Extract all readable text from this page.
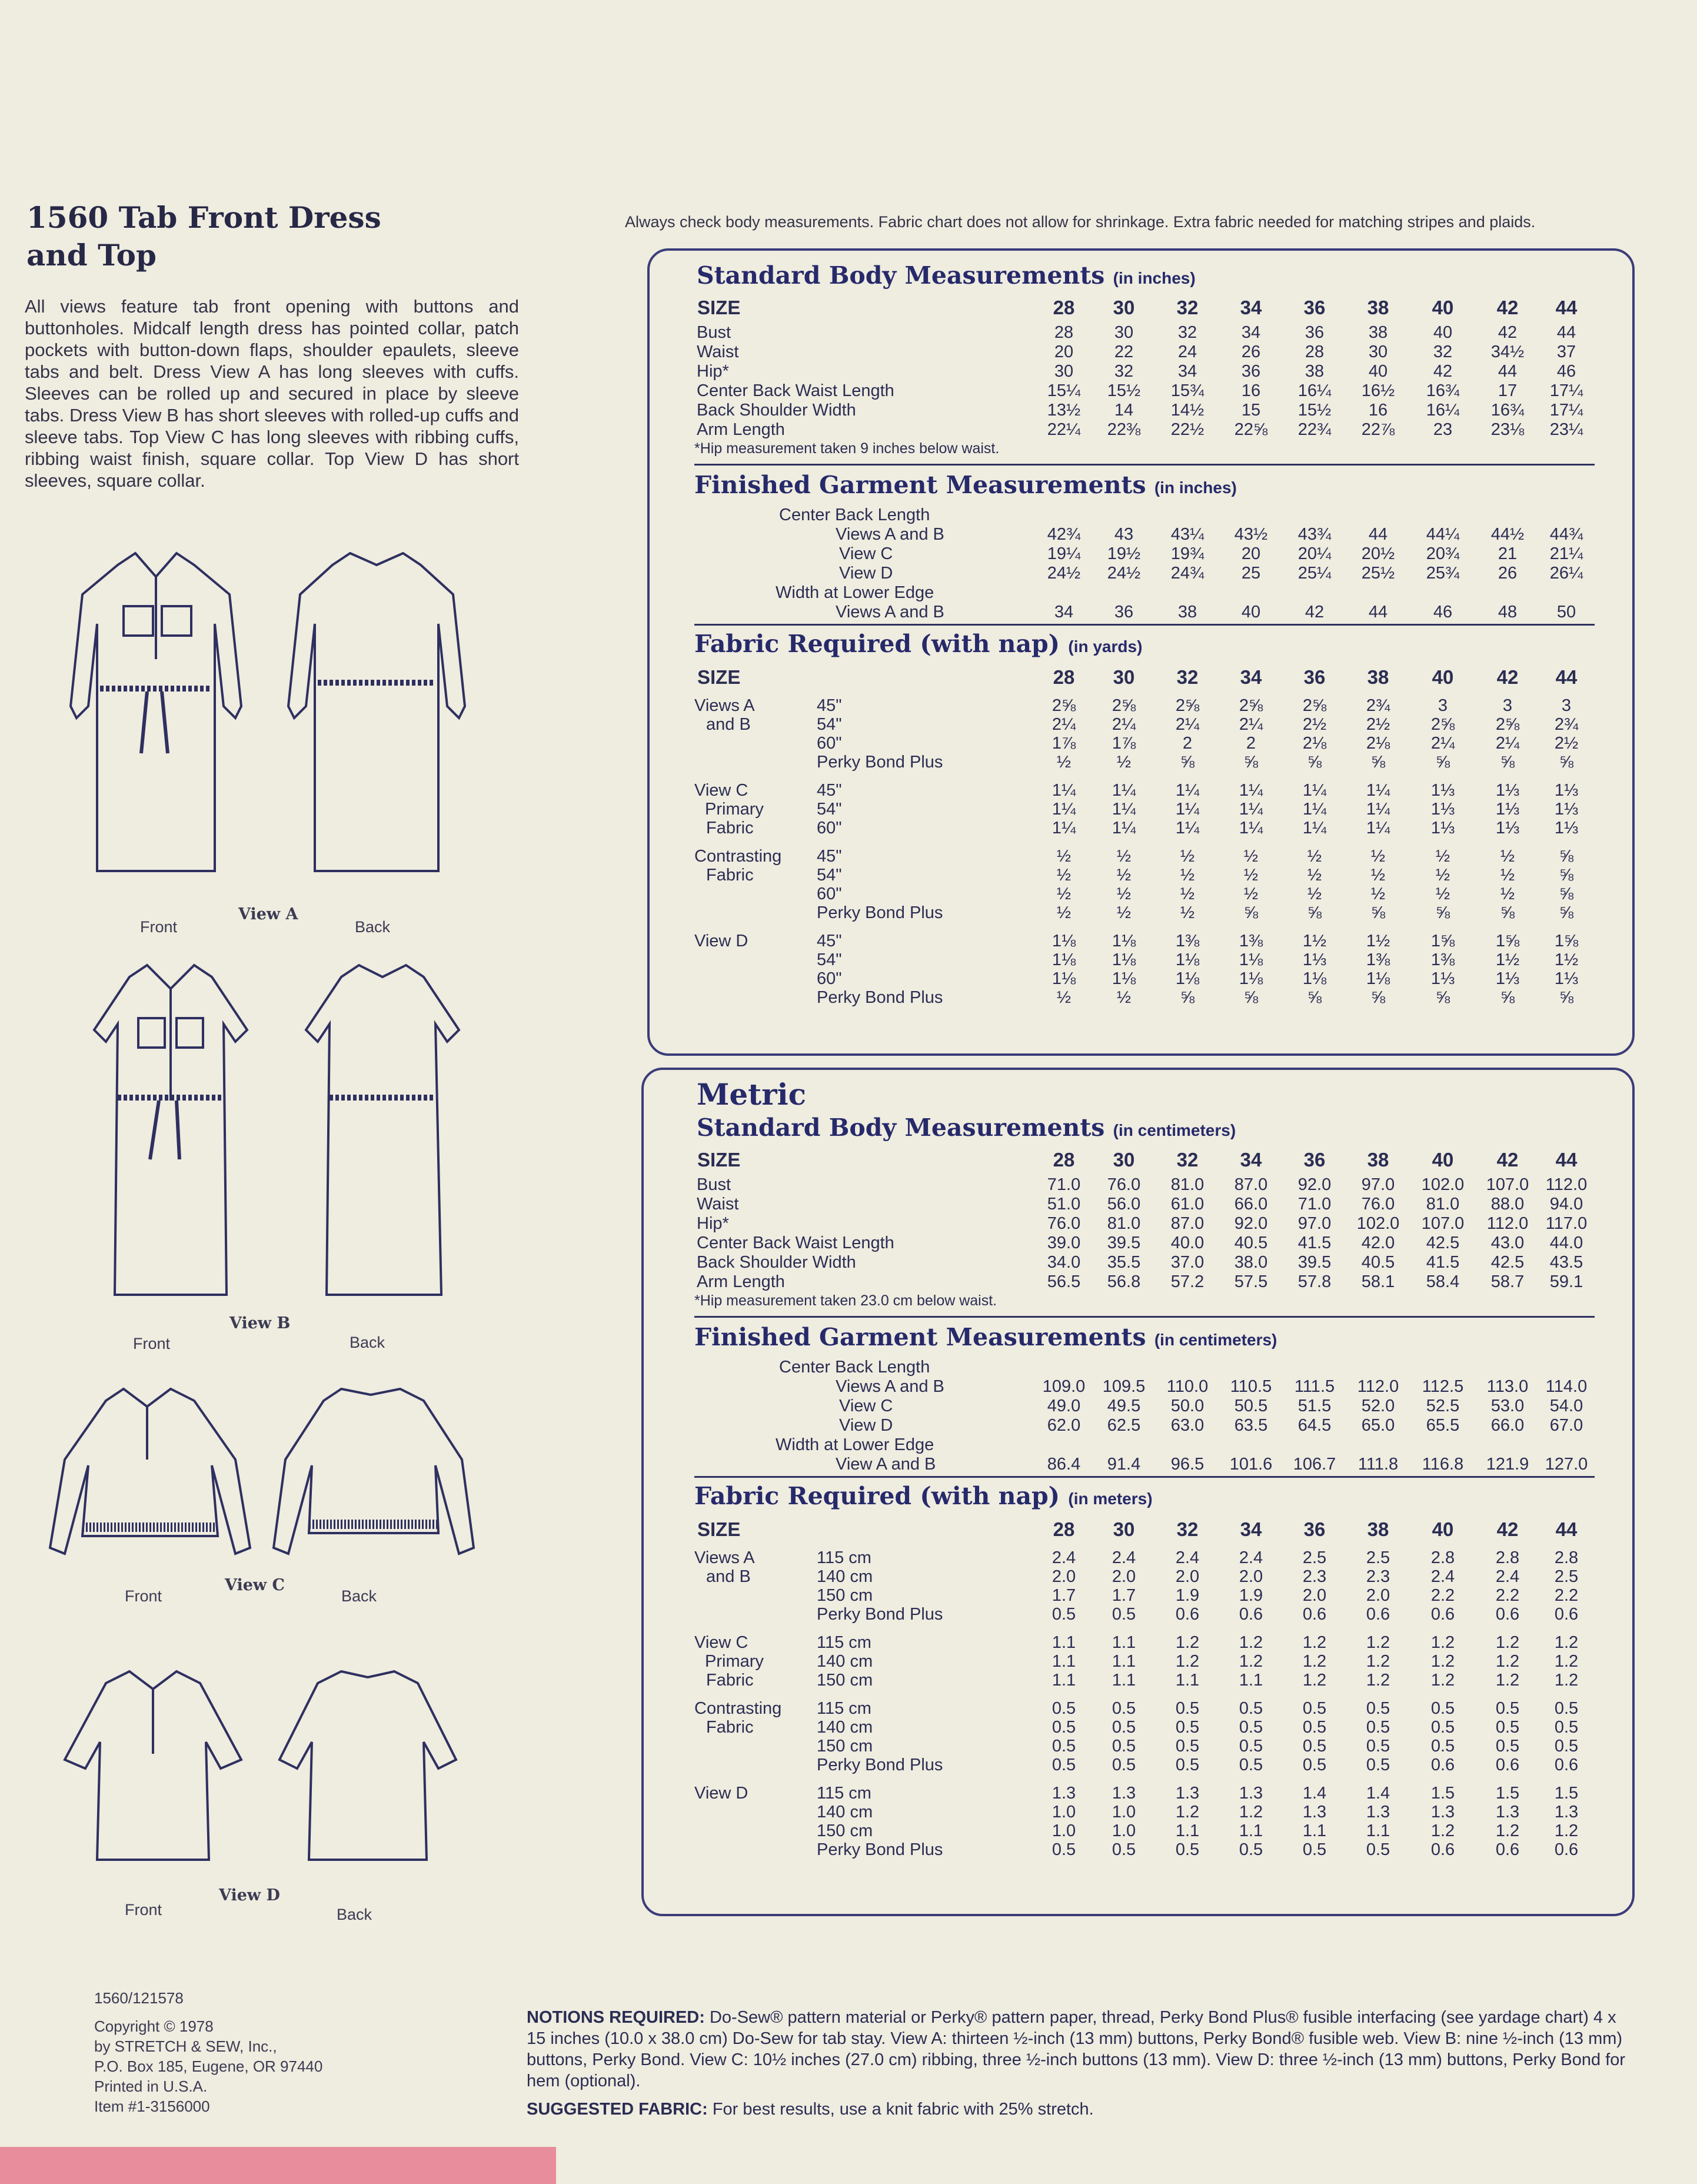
1560 Tab Front Dress
and Top
All views feature tab front opening with buttons and buttonholes. Midcalf length dress has pointed collar, patch pockets with button-down flaps, shoulder epaulets, sleeve tabs and belt. Dress View A has long sleeves with cuffs. Sleeves can be rolled up and secured in place by sleeve tabs. Dress View B has short sleeves with rolled-up cuffs and sleeve tabs. Top View C has long sleeves with ribbing cuffs, ribbing waist finish, square collar. Top View D has short sleeves, square collar.
Front
View A
Back
Front
View B
Back
Front
View C
Back
Front
View D
Back
Always check body measurements. Fabric chart does not allow for shrinkage. Extra fabric needed for matching stripes and plaids.
Metric
Standard Body Measurements (in inches)
SIZE	28	30	32	34	36	38	40	42	44
Bust	28	30	32	34	36	38	40	42	44
Waist	20	22	24	26	28	30	32	34½	37
Hip*	30	32	34	36	38	40	42	44	46
Center Back Waist Length	15¼	15½	15¾	16	16¼	16½	16¾	17	17¼
Back Shoulder Width	13½	14	14½	15	15½	16	16¼	16¾	17¼
Arm Length	22¼	22⅜	22½	22⅝	22¾	22⅞	23	23⅛	23¼
*Hip measurement taken 9 inches below waist.
Finished Garment Measurements (in inches)
Center Back Length
Views A and B	42¾	43	43¼	43½	43¾	44	44¼	44½	44¾
View C	19¼	19½	19¾	20	20¼	20½	20¾	21	21¼
View D	24½	24½	24¾	25	25¼	25½	25¾	26	26¼
Width at Lower Edge
Views A and B	34	36	38	40	42	44	46	48	50
Fabric Required (with nap) (in yards)
SIZE	28	30	32	34	36	38	40	42	44
Views A
and B
45"	2⅝	2⅝	2⅝	2⅝	2⅝	2¾	3	3	3
54"	2¼	2¼	2¼	2¼	2½	2½	2⅝	2⅝	2¾
60"	1⅞	1⅞	2	2	2⅛	2⅛	2¼	2¼	2½
Perky Bond Plus	½	½	⅝	⅝	⅝	⅝	⅝	⅝	⅝
View C
Primary
Fabric
45"	1¼	1¼	1¼	1¼	1¼	1¼	1⅓	1⅓	1⅓
54"	1¼	1¼	1¼	1¼	1¼	1¼	1⅓	1⅓	1⅓
60"	1¼	1¼	1¼	1¼	1¼	1¼	1⅓	1⅓	1⅓
Contrasting
Fabric
45"	½	½	½	½	½	½	½	½	⅝
54"	½	½	½	½	½	½	½	½	⅝
60"	½	½	½	½	½	½	½	½	⅝
Perky Bond Plus	½	½	½	⅝	⅝	⅝	⅝	⅝	⅝
View D	45"	1⅛	1⅛	1⅜	1⅜	1½	1½	1⅝	1⅝	1⅝
54"	1⅛	1⅛	1⅛	1⅛	1⅓	1⅜	1⅜	1½	1½
60"	1⅛	1⅛	1⅛	1⅛	1⅛	1⅛	1⅓	1⅓	1⅓
Perky Bond Plus	½	½	⅝	⅝	⅝	⅝	⅝	⅝	⅝
Standard Body Measurements (in centimeters)
SIZE	28	30	32	34	36	38	40	42	44
Bust	71.0	76.0	81.0	87.0	92.0	97.0	102.0	107.0 112.0
Waist	51.0	56.0	61.0	66.0	71.0	76.0	81.0	88.0	94.0
Hip*	76.0	81.0	87.0	92.0	97.0	102.0	107.0	112.0	117.0
Center Back Waist Length	39.0	39.5	40.0	40.5	41.5	42.0	42.5	43.0	44.0
Back Shoulder Width	34.0	35.5	37.0	38.0	39.5	40.5	41.5	42.5	43.5
Arm Length	56.5	56.8	57.2	57.5	57.8	58.1	58.4	58.7	59.1
*Hip measurement taken 23.0 cm below waist.
Finished Garment Measurements (in centimeters)
Center Back Length
Views A and B	109.0	109.5	110.0	110.5	111.5	112.0	112.5	113.0	114.0
View C	49.0	49.5	50.0	50.5	51.5	52.0	52.5	53.0	54.0
View D	62.0	62.5	63.0	63.5	64.5	65.0	65.5	66.0	67.0
Width at Lower Edge
View A and B	86.4	91.4	96.5	101.6	106.7	111.8	116.8	121.9 127.0
Fabric Required (with nap) (in meters)
SIZE	28	30	32	34	36	38	40	42	44
Views A
and B
115 cm	2.4	2.4	2.4	2.4	2.5	2.5	2.8	2.8	2.8
140 cm	2.0	2.0	2.0	2.0	2.3	2.3	2.4	2.4	2.5
150 cm	1.7	1.7	1.9	1.9	2.0	2.0	2.2	2.2	2.2
Perky Bond Plus	0.5	0.5	0.6	0.6	0.6	0.6	0.6	0.6	0.6
View C
Primary
Fabric
115 cm	1.1	1.1	1.2	1.2	1.2	1.2	1.2	1.2	1.2
140 cm	1.1	1.1	1.2	1.2	1.2	1.2	1.2	1.2	1.2
150 cm	1.1	1.1	1.1	1.1	1.2	1.2	1.2	1.2	1.2
Contrasting
Fabric
115 cm	0.5	0.5	0.5	0.5	0.5	0.5	0.5	0.5	0.5
140 cm	0.5	0.5	0.5	0.5	0.5	0.5	0.5	0.5	0.5
150 cm	0.5	0.5	0.5	0.5	0.5	0.5	0.5	0.5	0.5
Perky Bond Plus	0.5	0.5	0.5	0.5	0.5	0.5	0.6	0.6	0.6
View D	115 cm	1.3	1.3	1.3	1.3	1.4	1.4	1.5	1.5	1.5
140 cm	1.0	1.0	1.2	1.2	1.3	1.3	1.3	1.3	1.3
150 cm	1.0	1.0	1.1	1.1	1.1	1.1	1.2	1.2	1.2
Perky Bond Plus	0.5	0.5	0.5	0.5	0.5	0.5	0.6	0.6	0.6
1560/121578
Copyright © 1978
by STRETCH & SEW, Inc.,
P.O. Box 185, Eugene, OR 97440
Printed in U.S.A.
Item #1-3156000
NOTIONS REQUIRED: Do-Sew® pattern material or Perky® pattern paper, thread, Perky Bond Plus® fusible interfacing (see yardage chart) 4 x 15 inches (10.0 x 38.0 cm) Do-Sew for tab stay. View A: thirteen ½-inch (13 mm) buttons, Perky Bond® fusible web. View B: nine ½-inch (13 mm) buttons, Perky Bond. View C: 10½ inches (27.0 cm) ribbing, three ½-inch buttons (13 mm). View D: three ½-inch (13 mm) buttons, Perky Bond for hem (optional).
SUGGESTED FABRIC: For best results, use a knit fabric with 25% stretch.
